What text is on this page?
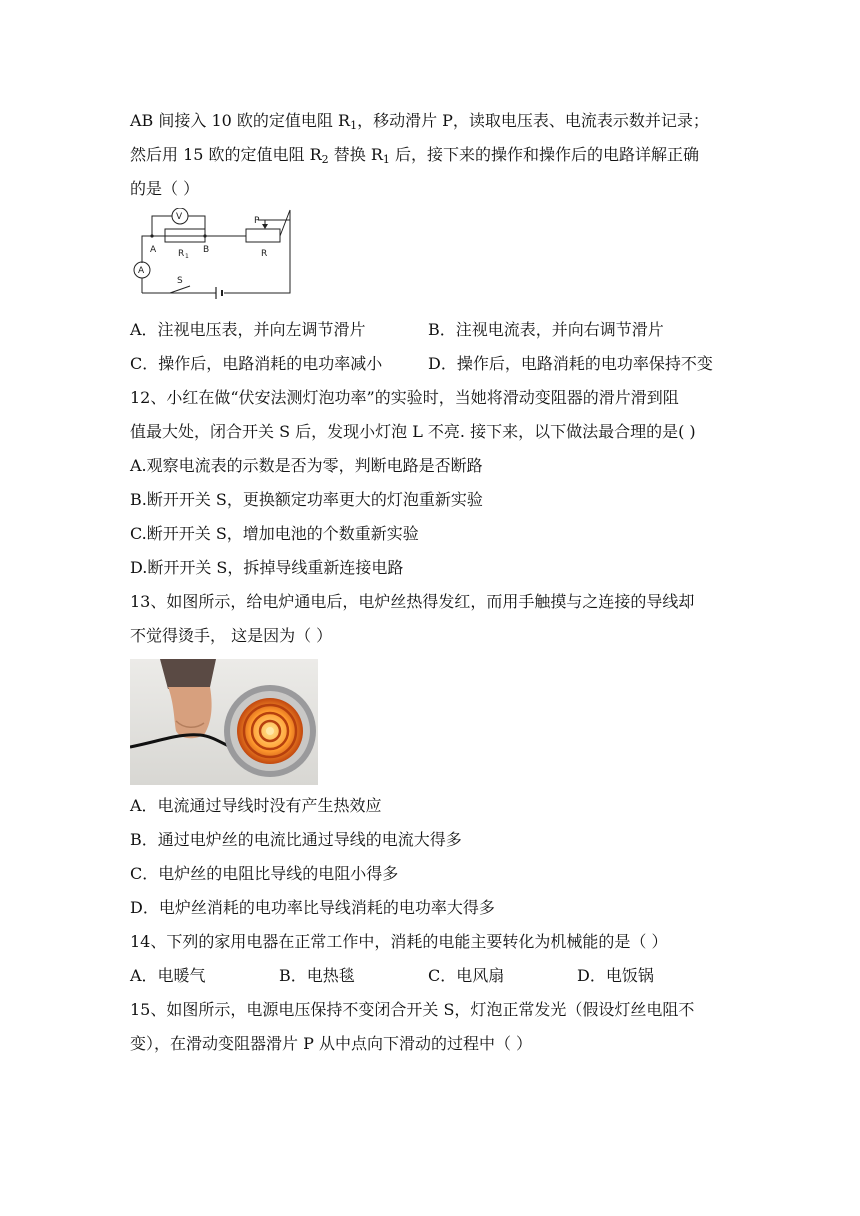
AB 间接入 10 欧的定值电阻 $R_1$，移动滑片 P，读取电压表、电流表示数并记录；
然后用 15 欧的定值电阻 $R_2$ 替换 $R_1$ 后，接下来的操作和操作后的电路详解正确
的是（ ）
V
A
A	B
R 1
P
R
S
A．注视电压表，并向左调节滑片	B．注视电流表，并向右调节滑片
C．操作后，电路消耗的电功率减小	D．操作后，电路消耗的电功率保持不变
12、小红在做“伏安法测灯泡功率”的实验时，当她将滑动变阻器的滑片滑到阻
值最大处，闭合开关 S 后，发现小灯泡 L 不亮. 接下来，以下做法最合理的是( )
A.观察电流表的示数是否为零，判断电路是否断路
B.断开开关 S，更换额定功率更大的灯泡重新实验
C.断开开关 S，增加电池的个数重新实验
D.断开开关 S，拆掉导线重新连接电路
13、如图所示，给电炉通电后，电炉丝热得发红，而用手触摸与之连接的导线却
不觉得烫手， 这是因为（ ）
A．电流通过导线时没有产生热效应
B．通过电炉丝的电流比通过导线的电流大得多
C．电炉丝的电阻比导线的电阻小得多
D．电炉丝消耗的电功率比导线消耗的电功率大得多
14、下列的家用电器在正常工作中，消耗的电能主要转化为机械能的是（ ）
A．电暖气	B．电热毯	C．电风扇	D．电饭锅
15、如图所示，电源电压保持不变闭合开关 S，灯泡正常发光（假设灯丝电阻不
变），在滑动变阻器滑片 P 从中点向下滑动的过程中（ ）
